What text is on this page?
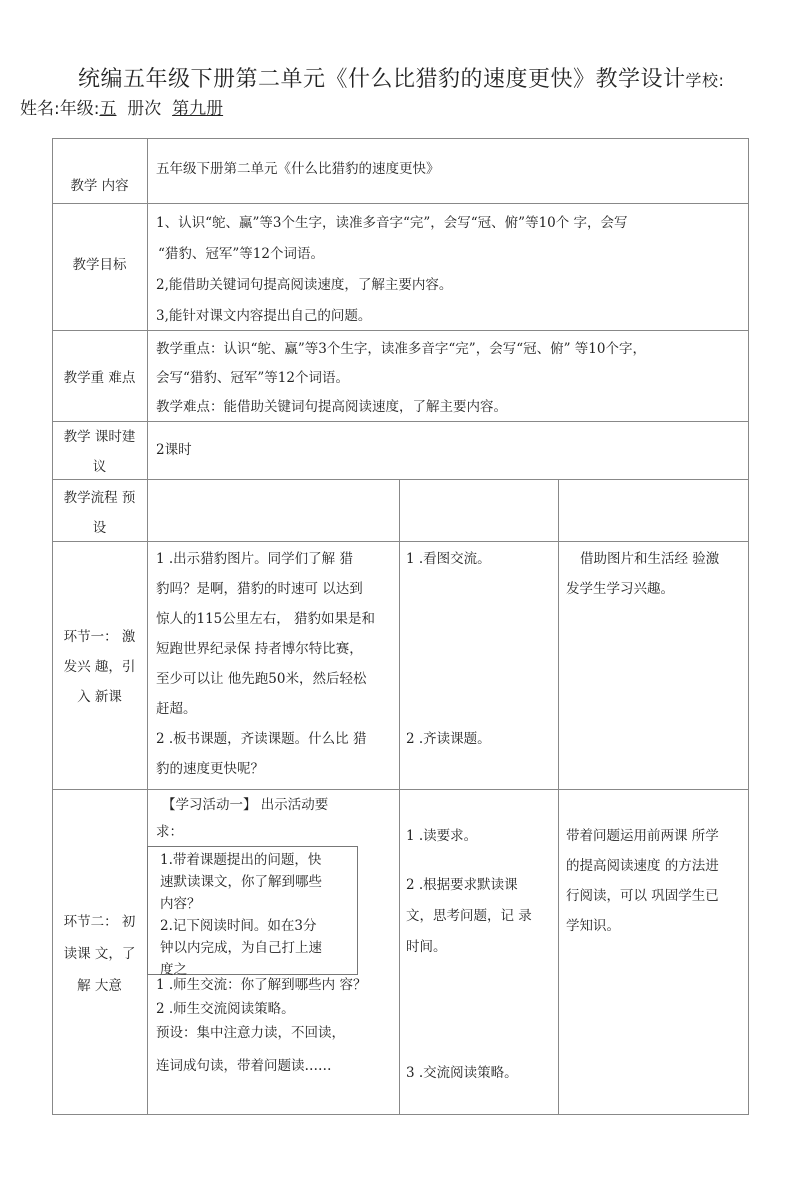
统编五年级下册第二单元《什么比猎豹的速度更快》教学设计学校:
姓名:年级:五 册次 第九册
教学 内容
五年级下册第二单元《什么比猎豹的速度更快》
教学目标
1、认识“鸵、赢”等3个生字，读准多音字“完”，会写“冠、俯”等10个 字，会写
“猎豹、冠军”等12个词语。
2,能借助关键词句提高阅读速度，了解主要内容。
3,能针对课文内容提出自己的问题。
教学重 难点
教学重点：认识“鸵、赢”等3个生字，读准多音字“完”，会写“冠、俯” 等10个字，
会写“猎豹、冠军”等12个词语。
教学难点：能借助关键词句提高阅读速度，了解主要内容。
教学 课时建
议
2课时
教学流程 预
设
环节一： 激
发兴 趣，引
入 新课
1 .出示猎豹图片。同学们了解 猎
豹吗？是啊，猎豹的时速可 以达到
惊人的115公里左右， 猎豹如果是和
短跑世界纪录保 持者博尔特比赛，
至少可以让 他先跑50米，然后轻松
赶超。
2 .板书课题，齐读课题。什么比 猎
豹的速度更快呢？
1 .看图交流。
2 .齐读课题。
借助图片和生活经 验激
发学生学习兴趣。
环节二： 初
读课 文，了
解 大意
【学习活动一】 出示活动要
求：
1.带着课题提出的问题，快
速默读课文，你了解到哪些
内容？
2.记下阅读时间。如在3分
钟以内完成，为自己打上速
度之
1 .师生交流：你了解到哪些内 容？
2 .师生交流阅读策略。
预设：集中注意力读，不回读，
连词成句读，带着问题读……
1 .读要求。
2 .根据要求默读课
文，思考问题，记 录
时间。
3 .交流阅读策略。
带着问题运用前两课 所学
的提高阅读速度 的方法进
行阅读，可以 巩固学生已
学知识。
